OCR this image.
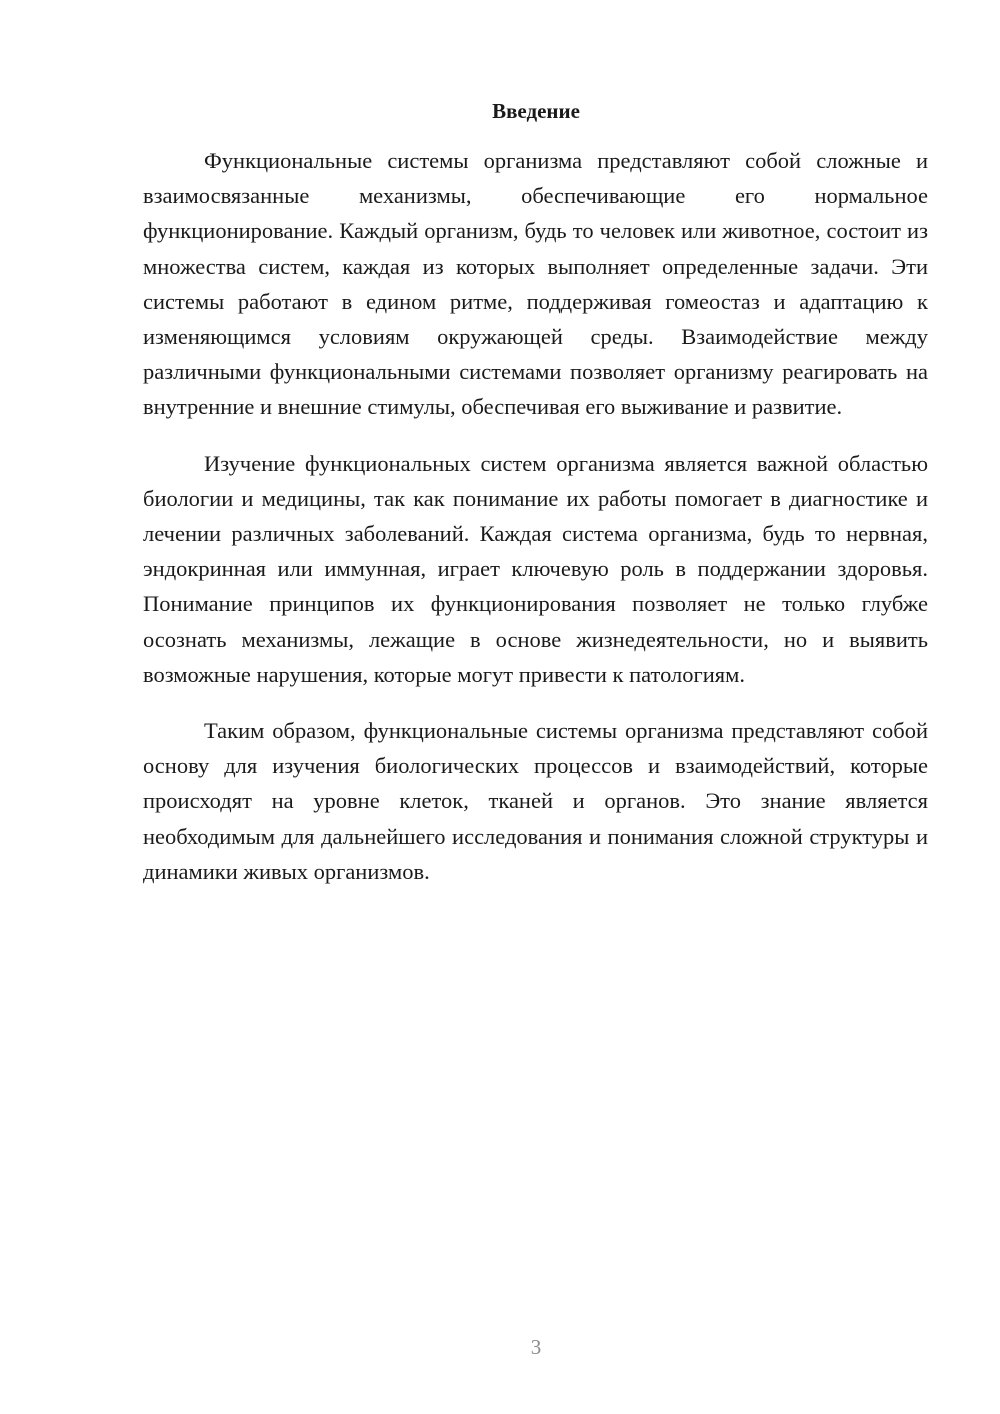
Введение

Функциональные системы организма представляют собой сложные и взаимосвязанные механизмы, обеспечивающие его нормальное функционирование. Каждый организм, будь то человек или животное, состоит из множества систем, каждая из которых выполняет определенные задачи. Эти системы работают в едином ритме, поддерживая гомеостаз и адаптацию к изменяющимся условиям окружающей среды. Взаимодействие между различными функциональными системами позволяет организму реагировать на внутренние и внешние стимулы, обеспечивая его выживание и развитие.

Изучение функциональных систем организма является важной областью биологии и медицины, так как понимание их работы помогает в диагностике и лечении различных заболеваний. Каждая система организма, будь то нервная, эндокринная или иммунная, играет ключевую роль в поддержании здоровья. Понимание принципов их функционирования позволяет не только глубже осознать механизмы, лежащие в основе жизнедеятельности, но и выявить возможные нарушения, которые могут привести к патологиям.

Таким образом, функциональные системы организма представляют собой основу для изучения биологических процессов и взаимодействий, которые происходят на уровне клеток, тканей и органов. Это знание является необходимым для дальнейшего исследования и понимания сложной структуры и динамики живых организмов.

3
